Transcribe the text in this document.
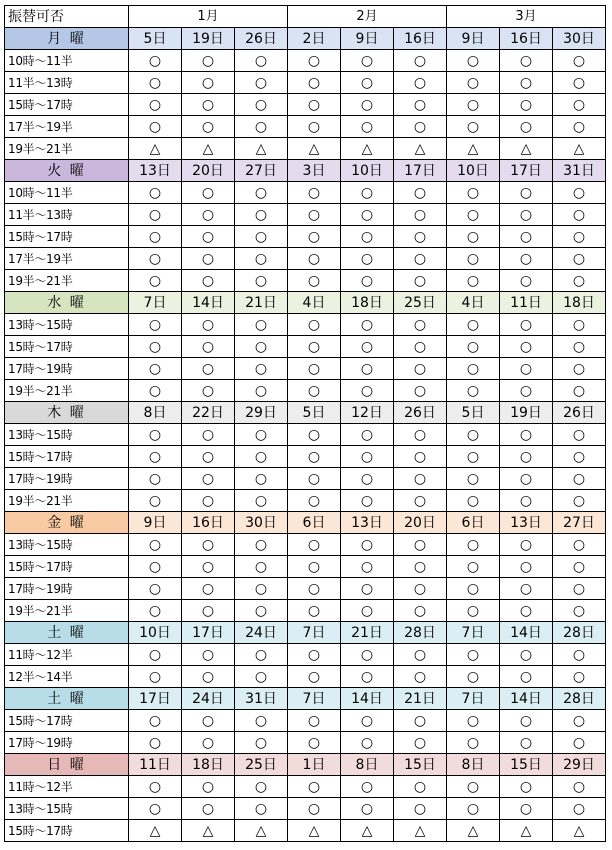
振替可否	1月			2月			3月		
月 曜	5日	19日	26日	2日	9日	16日	9日	16日	30日
10時～11半	○	○	○	○	○	○	○	○	○
11半～13時	○	○	○	○	○	○	○	○	○
15時～17時	○	○	○	○	○	○	○	○	○
17半～19半	○	○	○	○	○	○	○	○	○
19半～21半	△	△	△	△	△	△	△	△	△
火 曜	13日	20日	27日	3日	10日	17日	10日	17日	31日
10時～11半	○	○	○	○	○	○	○	○	○
11半～13時	○	○	○	○	○	○	○	○	○
15時～17時	○	○	○	○	○	○	○	○	○
17半～19半	○	○	○	○	○	○	○	○	○
19半～21半	○	○	○	○	○	○	○	○	○
水 曜	7日	14日	21日	4日	18日	25日	4日	11日	18日
13時～15時	○	○	○	○	○	○	○	○	○
15時～17時	○	○	○	○	○	○	○	○	○
17時～19時	○	○	○	○	○	○	○	○	○
19半～21半	○	○	○	○	○	○	○	○	○
木 曜	8日	22日	29日	5日	12日	26日	5日	19日	26日
13時～15時	○	○	○	○	○	○	○	○	○
15時～17時	○	○	○	○	○	○	○	○	○
17時～19時	○	○	○	○	○	○	○	○	○
19半～21半	○	○	○	○	○	○	○	○	○
金 曜	9日	16日	30日	6日	13日	20日	6日	13日	27日
13時～15時	○	○	○	○	○	○	○	○	○
15時～17時	○	○	○	○	○	○	○	○	○
17時～19時	○	○	○	○	○	○	○	○	○
19半～21半	○	○	○	○	○	○	○	○	○
土 曜	10日	17日	24日	7日	21日	28日	7日	14日	28日
11時～12半	○	○	○	○	○	○	○	○	○
12半～14半	○	○	○	○	○	○	○	○	○
土 曜	17日	24日	31日	7日	14日	21日	7日	14日	28日
15時～17時	○	○	○	○	○	○	○	○	○
17時～19時	○	○	○	○	○	○	○	○	○
日 曜	11日	18日	25日	1日	8日	15日	8日	15日	29日
11時～12半	○	○	○	○	○	○	○	○	○
13時～15時	○	○	○	○	○	○	○	○	○
15時～17時	△	△	△	△	△	△	△	△	△
